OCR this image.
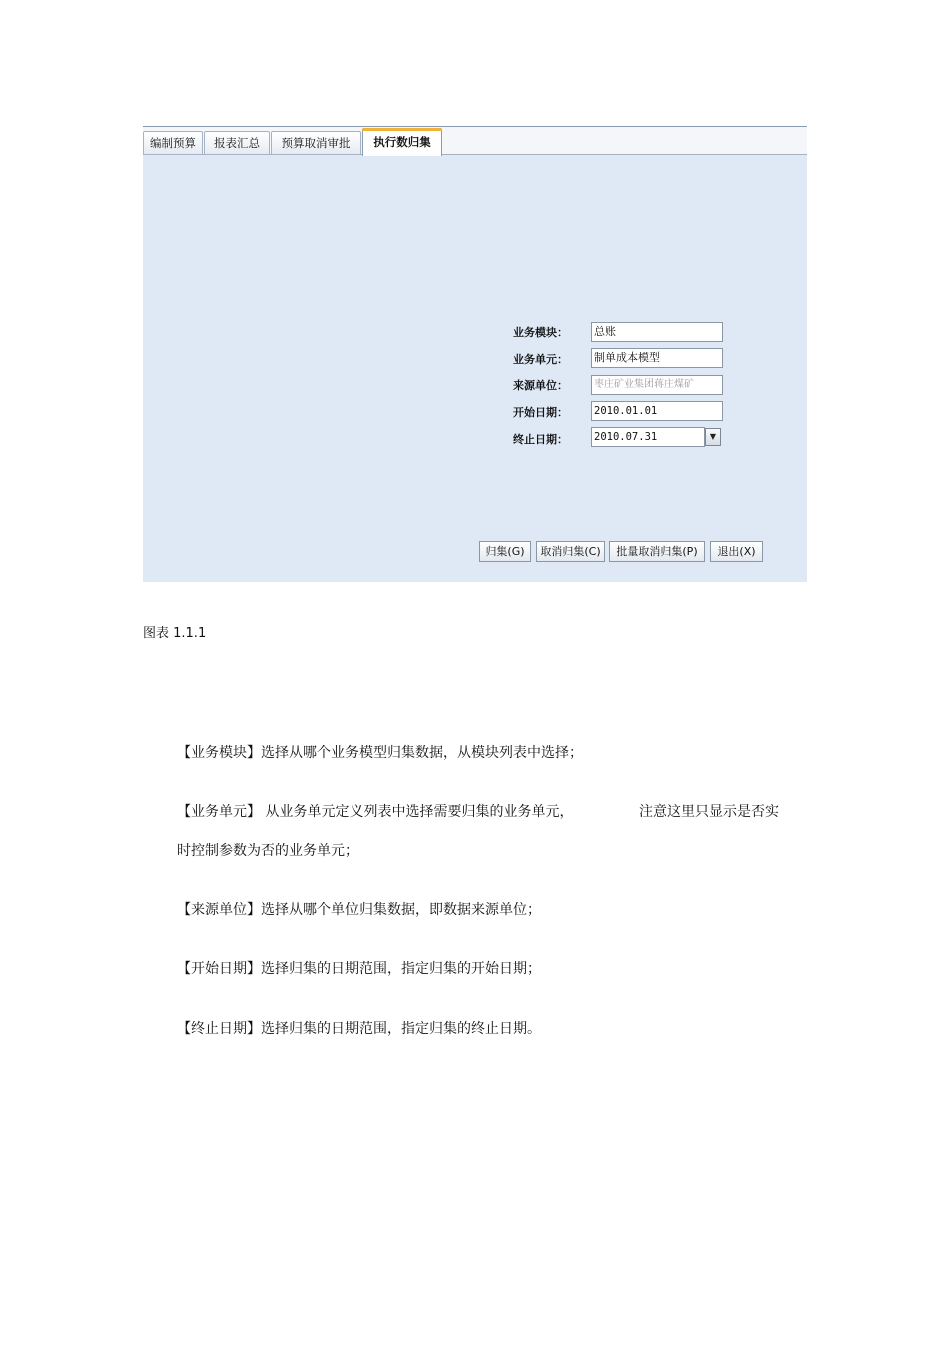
编制预算	报表汇总	预算取消审批	执行数归集
业务模块： 总账
业务单元： 制单成本模型
来源单位：	枣庄矿业集团蒋庄煤矿
开始日期： 2010.01.01
终止日期： 2010.07.31	▼
归集(G)	取消归集(C)	批量取消归集(P)	退出(X)
图表 1.1.1
【业务模块】选择从哪个业务模型归集数据，从模块列表中选择；
【业务单元】 从业务单元定义列表中选择需要归集的业务单元，	注意这里只显示是否实
时控制参数为否的业务单元；
【来源单位】选择从哪个单位归集数据，即数据来源单位；
【开始日期】选择归集的日期范围，指定归集的开始日期；
【终止日期】选择归集的日期范围，指定归集的终止日期。
